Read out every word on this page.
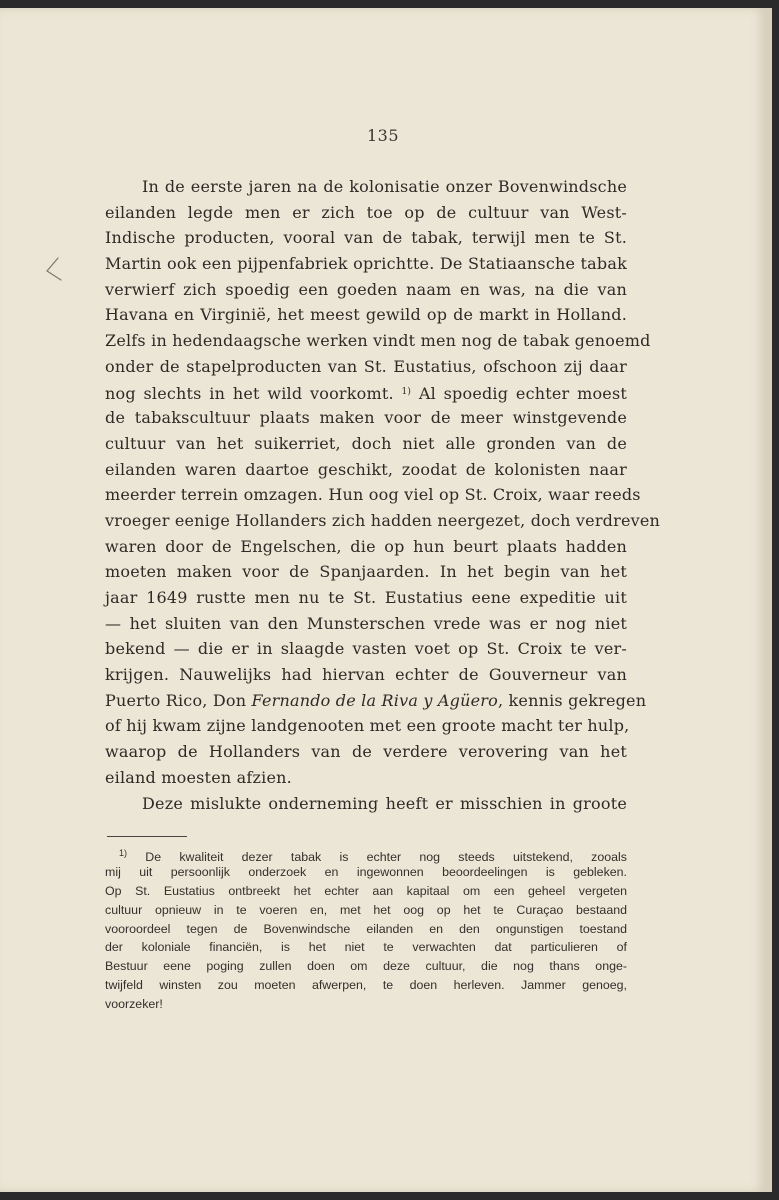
135
In de eerste jaren na de kolonisatie onzer Bovenwindsche
eilanden legde men er zich toe op de cultuur van West-
Indische producten, vooral van de tabak, terwijl men te St.
Martin ook een pijpenfabriek oprichtte. De Statiaansche tabak
verwierf zich spoedig een goeden naam en was, na die van
Havana en Virginië, het meest gewild op de markt in Holland.
Zelfs in hedendaagsche werken vindt men nog de tabak genoemd
onder de stapelproducten van St. Eustatius, ofschoon zij daar
nog slechts in het wild voorkomt. $^{1)}$ Al spoedig echter moest
de tabakscultuur plaats maken voor de meer winstgevende
cultuur van het suikerriet, doch niet alle gronden van de
eilanden waren daartoe geschikt, zoodat de kolonisten naar
meerder terrein omzagen. Hun oog viel op St. Croix, waar reeds
vroeger eenige Hollanders zich hadden neergezet, doch verdreven
waren door de Engelschen, die op hun beurt plaats hadden
moeten maken voor de Spanjaarden. In het begin van het
jaar 1649 rustte men nu te St. Eustatius eene expeditie uit
— het sluiten van den Munsterschen vrede was er nog niet
bekend — die er in slaagde vasten voet op St. Croix te ver-
krijgen. Nauwelijks had hiervan echter de Gouverneur van
Puerto Rico, Don Fernando de la Riva y Agüero, kennis gekregen
of hij kwam zijne landgenooten met een groote macht ter hulp,
waarop de Hollanders van de verdere verovering van het
eiland moesten afzien.
Deze mislukte onderneming heeft er misschien in groote
$^{1)}$ De kwaliteit dezer tabak is echter nog steeds uitstekend, zooals
mij uit persoonlijk onderzoek en ingewonnen beoordeelingen is gebleken.
Op St. Eustatius ontbreekt het echter aan kapitaal om een geheel vergeten
cultuur opnieuw in te voeren en, met het oog op het te Curaçao bestaand
vooroordeel tegen de Bovenwindsche eilanden en den ongunstigen toestand
der koloniale financiën, is het niet te verwachten dat particulieren of
Bestuur eene poging zullen doen om deze cultuur, die nog thans onge-
twijfeld winsten zou moeten afwerpen, te doen herleven. Jammer genoeg,
voorzeker!
